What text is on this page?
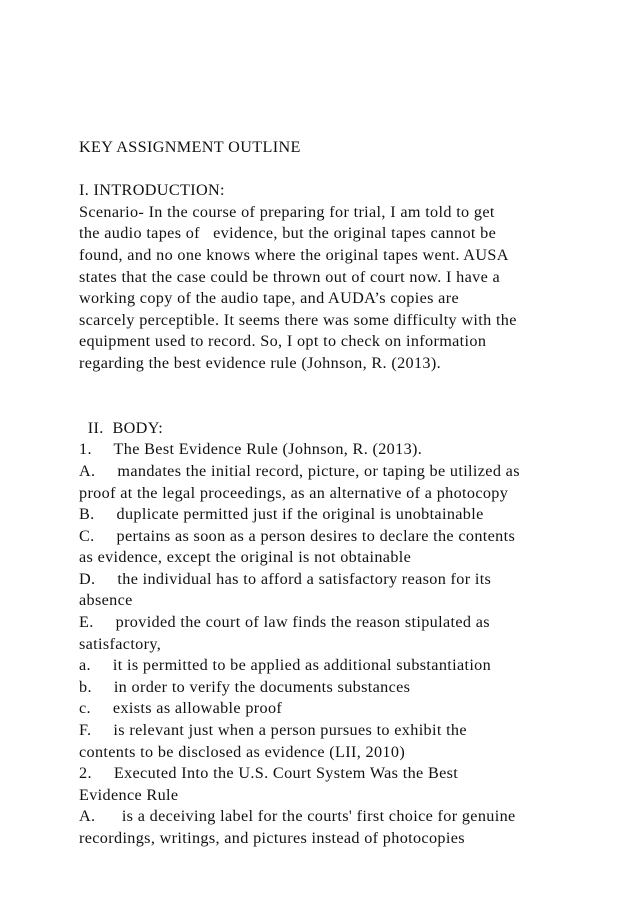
KEY ASSIGNMENT OUTLINE
I. INTRODUCTION:
Scenario- In the course of preparing for trial, I am told to get
the audio tapes of   evidence, but the original tapes cannot be
found, and no one knows where the original tapes went. AUSA
states that the case could be thrown out of court now. I have a
working copy of the audio tape, and AUDA’s copies are
scarcely perceptible. It seems there was some difficulty with the
equipment used to record. So, I opt to check on information
regarding the best evidence rule (Johnson, R. (2013).
II.  BODY:
1.     The Best Evidence Rule (Johnson, R. (2013).
A.     mandates the initial record, picture, or taping be utilized as
proof at the legal proceedings, as an alternative of a photocopy
B.     duplicate permitted just if the original is unobtainable
C.     pertains as soon as a person desires to declare the contents
as evidence, except the original is not obtainable
D.     the individual has to afford a satisfactory reason for its
absence
E.     provided the court of law finds the reason stipulated as
satisfactory,
a.     it is permitted to be applied as additional substantiation
b.     in order to verify the documents substances
c.     exists as allowable proof
F.     is relevant just when a person pursues to exhibit the
contents to be disclosed as evidence (LII, 2010)
2.     Executed Into the U.S. Court System Was the Best
Evidence Rule
A.      is a deceiving label for the courts' first choice for genuine
recordings, writings, and pictures instead of photocopies
